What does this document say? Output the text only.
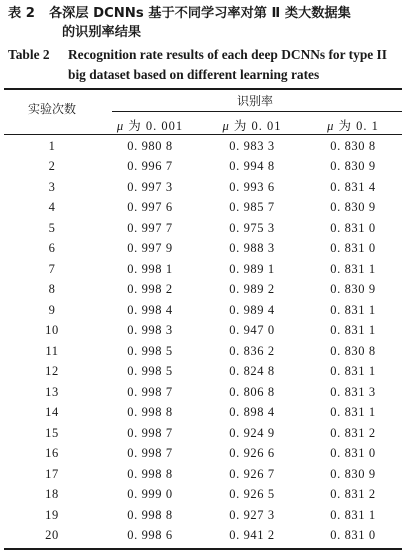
表 2 各深层 DCNNs 基于不同学习率对第 Ⅱ 类大数据集
的识别率结果
Table 2 Recognition rate results of each deep DCNNs for type II
big dataset based on different learning rates
实验次数
识别率
μ 为 0. 001	μ 为 0. 01	μ 为 0. 1
1	0. 980 8	0. 983 3	0. 830 8
2	0. 996 7	0. 994 8	0. 830 9
3	0. 997 3	0. 993 6	0. 831 4
4	0. 997 6	0. 985 7	0. 830 9
5	0. 997 7	0. 975 3	0. 831 0
6	0. 997 9	0. 988 3	0. 831 0
7	0. 998 1	0. 989 1	0. 831 1
8	0. 998 2	0. 989 2	0. 830 9
9	0. 998 4	0. 989 4	0. 831 1
10	0. 998 3	0. 947 0	0. 831 1
11	0. 998 5	0. 836 2	0. 830 8
12	0. 998 5	0. 824 8	0. 831 1
13	0. 998 7	0. 806 8	0. 831 3
14	0. 998 8	0. 898 4	0. 831 1
15	0. 998 7	0. 924 9	0. 831 2
16	0. 998 7	0. 926 6	0. 831 0
17	0. 998 8	0. 926 7	0. 830 9
18	0. 999 0	0. 926 5	0. 831 2
19	0. 998 8	0. 927 3	0. 831 1
20	0. 998 6	0. 941 2	0. 831 0
